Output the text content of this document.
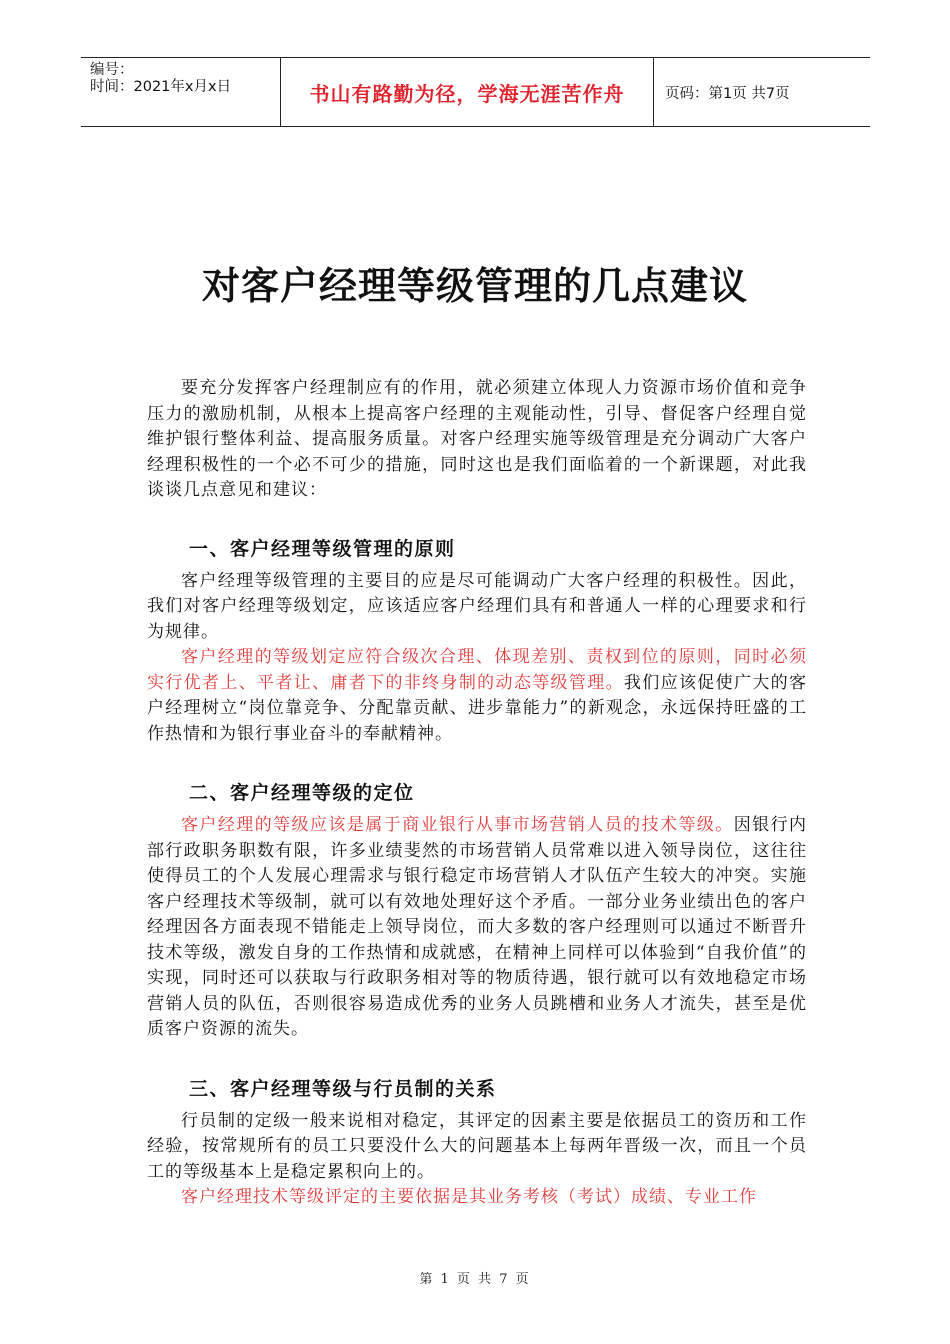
编号：
时间：2021年x月x日	书山有路勤为径，学海无涯苦作舟	页码：第1页 共7页
对客户经理等级管理的几点建议

要充分发挥客户经理制应有的作用，就必须建立体现人力资源市场价值和竞争压力的激励机制，从根本上提高客户经理的主观能动性，引导、督促客户经理自觉维护银行整体利益、提高服务质量。对客户经理实施等级管理是充分调动广大客户经理积极性的一个必不可少的措施，同时这也是我们面临着的一个新课题，对此我谈谈几点意见和建议：

一、客户经理等级管理的原则

客户经理等级管理的主要目的应是尽可能调动广大客户经理的积极性。因此，我们对客户经理等级划定，应该适应客户经理们具有和普通人一样的心理要求和行为规律。

客户经理的等级划定应符合级次合理、体现差别、责权到位的原则，同时必须实行优者上、平者让、庸者下的非终身制的动态等级管理。我们应该促使广大的客户经理树立“岗位靠竞争、分配靠贡献、进步靠能力”的新观念，永远保持旺盛的工作热情和为银行事业奋斗的奉献精神。

二、客户经理等级的定位

客户经理的等级应该是属于商业银行从事市场营销人员的技术等级。因银行内部行政职务职数有限，许多业绩斐然的市场营销人员常难以进入领导岗位，这往往使得员工的个人发展心理需求与银行稳定市场营销人才队伍产生较大的冲突。实施客户经理技术等级制，就可以有效地处理好这个矛盾。一部分业务业绩出色的客户经理因各方面表现不错能走上领导岗位，而大多数的客户经理则可以通过不断晋升技术等级，激发自身的工作热情和成就感，在精神上同样可以体验到“自我价值”的实现，同时还可以获取与行政职务相对等的物质待遇，银行就可以有效地稳定市场营销人员的队伍，否则很容易造成优秀的业务人员跳槽和业务人才流失，甚至是优质客户资源的流失。

三、客户经理等级与行员制的关系

行员制的定级一般来说相对稳定，其评定的因素主要是依据员工的资历和工作经验，按常规所有的员工只要没什么大的问题基本上每两年晋级一次，而且一个员工的等级基本上是稳定累积向上的。

客户经理技术等级评定的主要依据是其业务考核（考试）成绩、专业工作

第 1 页 共 7 页
